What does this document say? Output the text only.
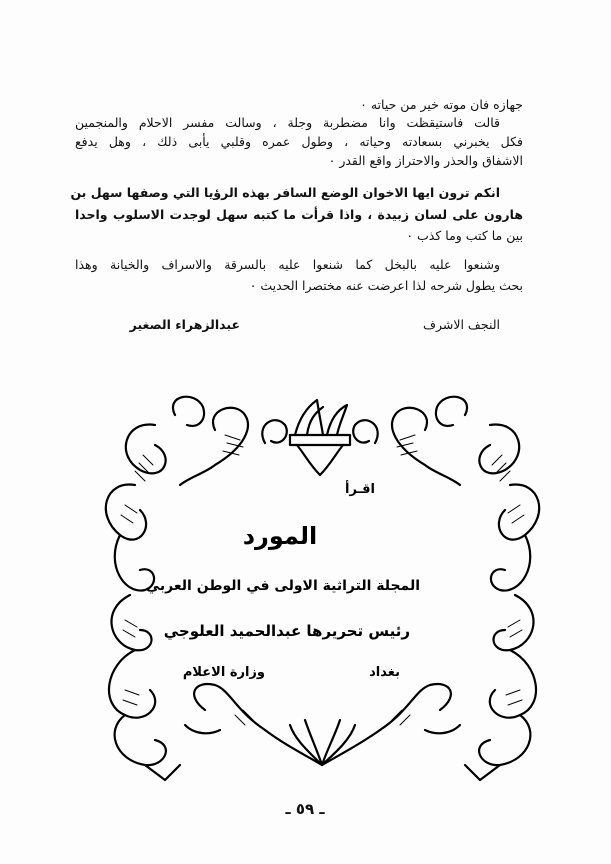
جهازه فان موته خير من حياته ٠
قالت فاستيقظت وانا مضطربة وجلة ، وسالت مفسر الاحلام والمنجمين
فكل يخبرني بسعادته وحياته ، وطول عمره وقلبي يأبى ذلك ، وهل يدفع
الاشفاق والحذر والاحتراز واقع القدر ٠
انكم ترون ايها الاخوان الوضع السافر بهذه الرؤيا التي وصفها سهل بن
هارون على لسان زبيدة ، واذا قرأت ما كتبه سهل لوجدت الاسلوب واحدا
بين ما كتب وما كذب ٠
وشنعوا عليه بالبخل كما شنعوا عليه بالسرقة والاسراف والخيانة وهذا
بحث يطول شرحه لذا اعرضت عنه مختصرا الحديث ٠
النجف الاشرف
عبدالزهراء الصغير
اقـرأ
المورد
المجلة التراثية الاولى في الوطن العربي
رئيس تحريرها عبدالحميد العلوجي
بغداد
وزارة الاعلام
ـ ٥٩ ـ
